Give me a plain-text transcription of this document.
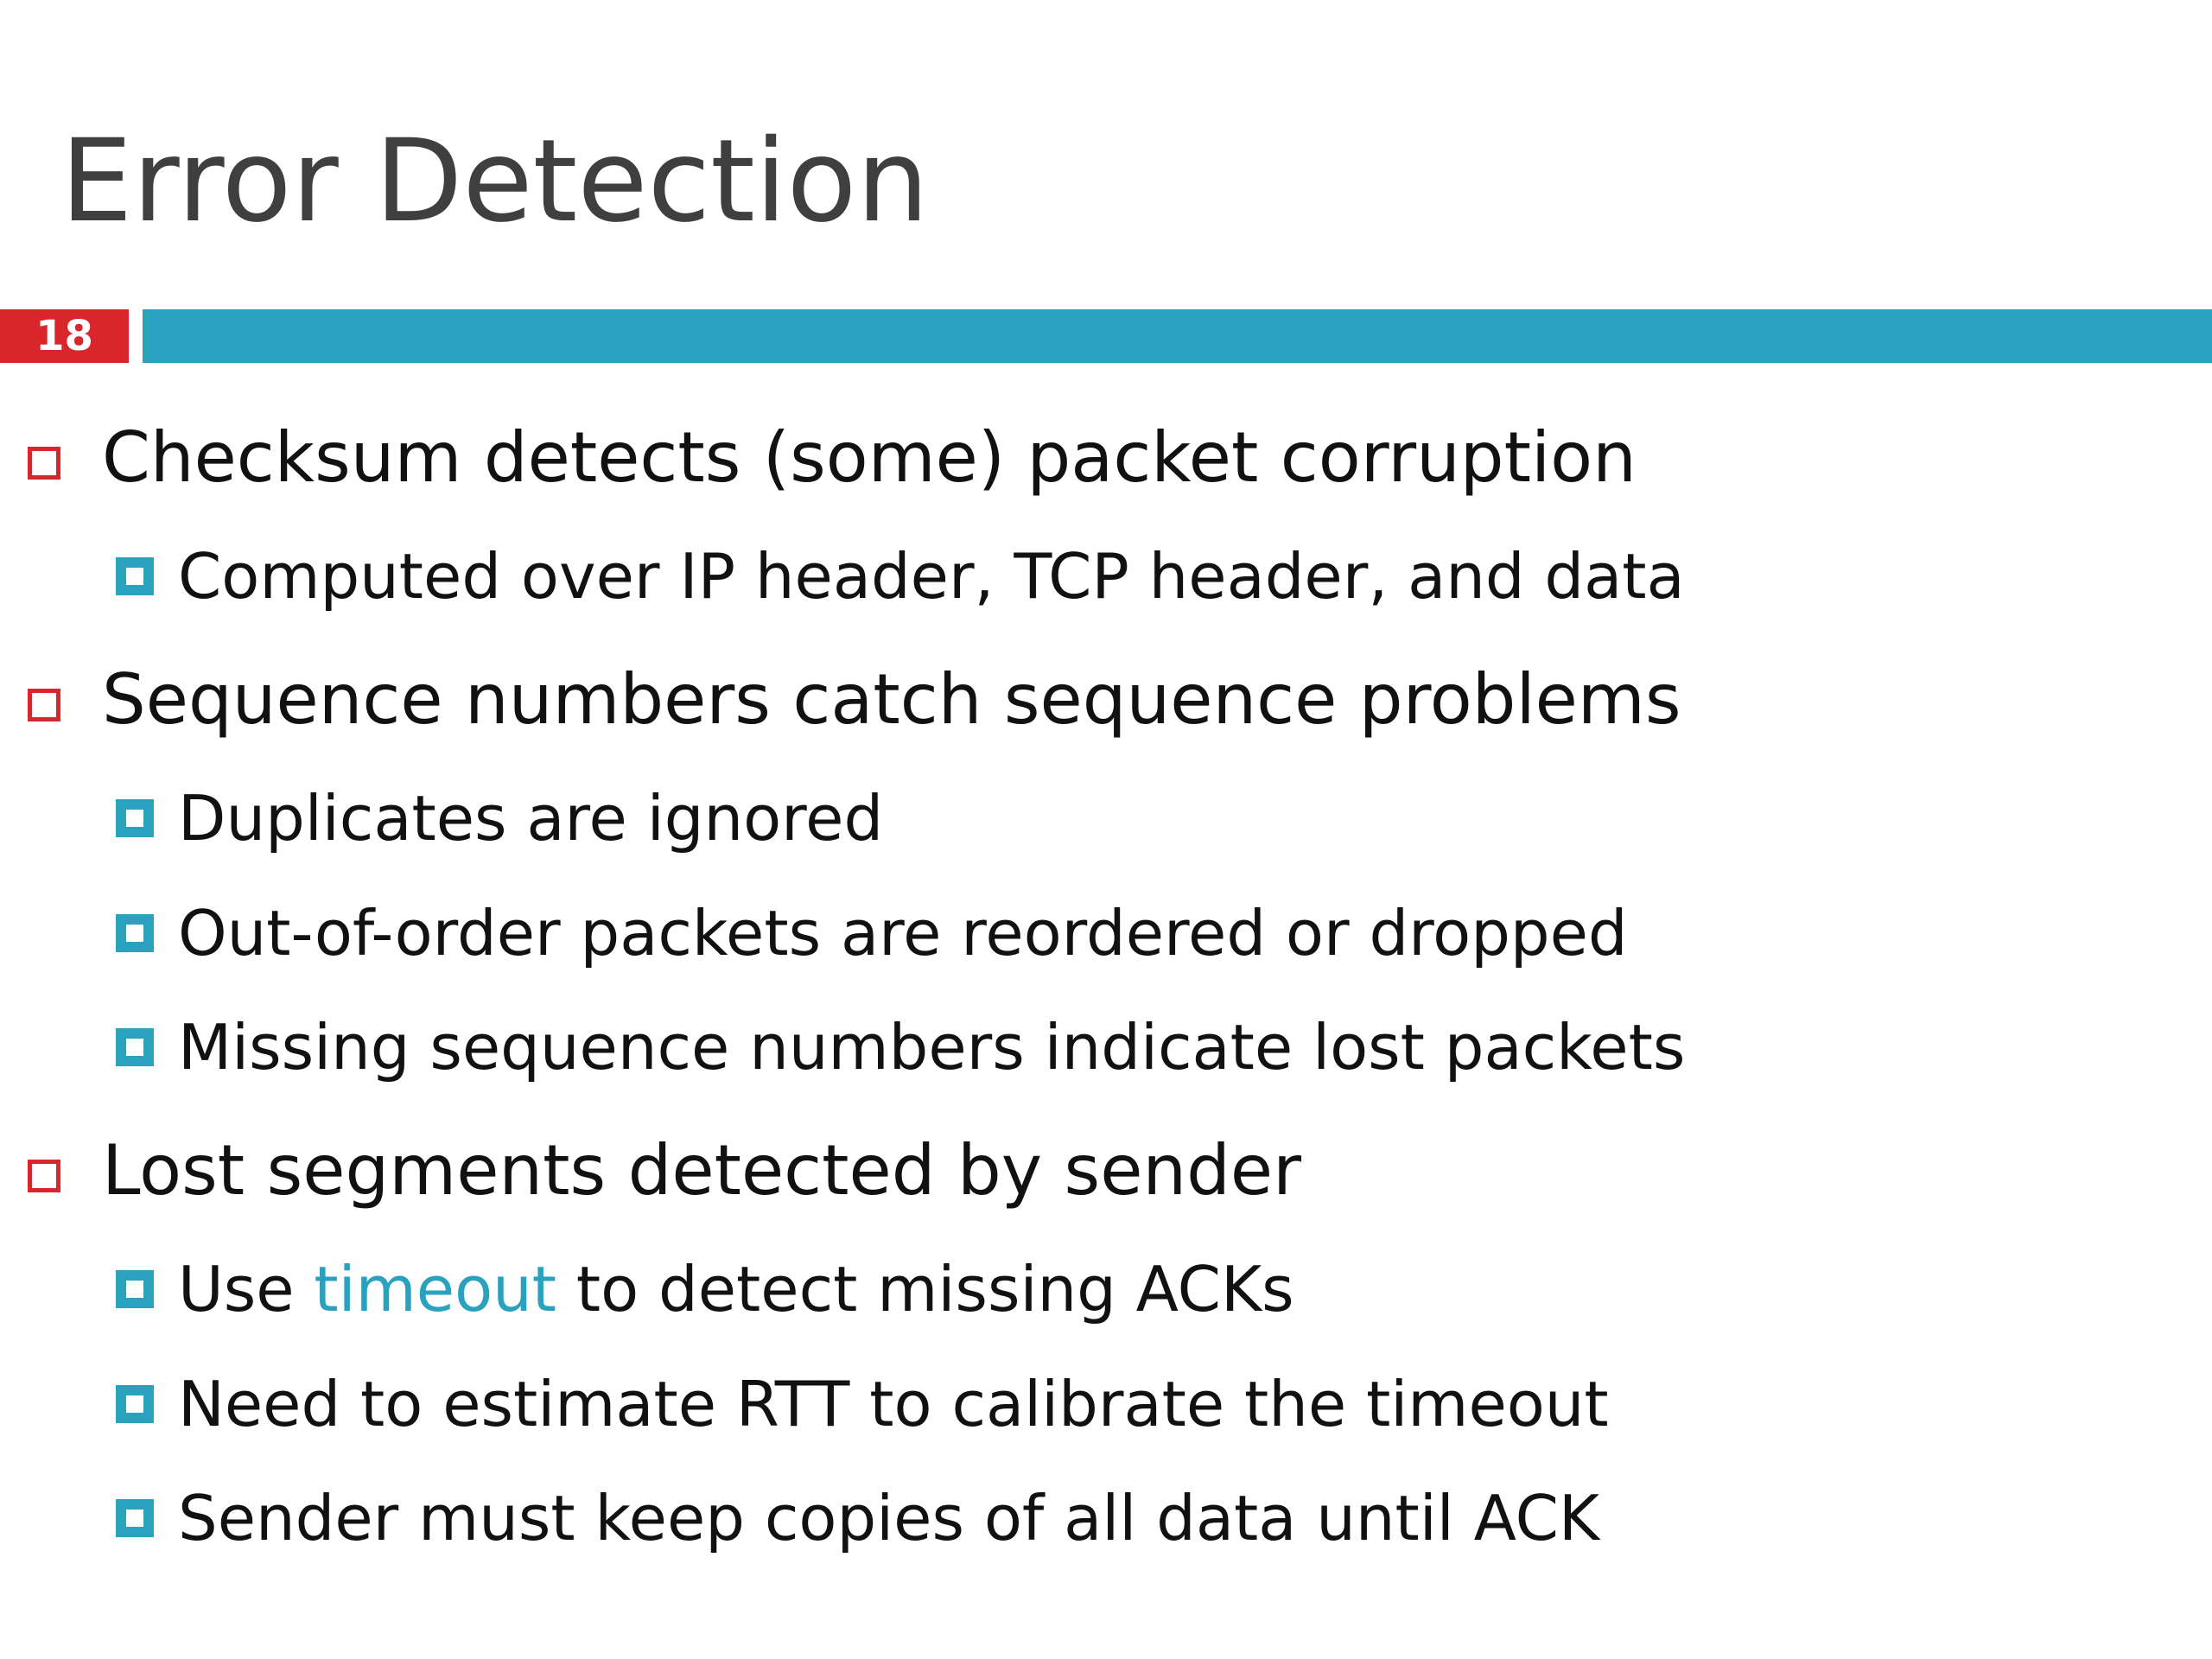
Error Detection
18
Checksum detects (some) packet corruption
Computed over IP header, TCP header, and data
Sequence numbers catch sequence problems
Duplicates are ignored
Out-of-order packets are reordered or dropped
Missing sequence numbers indicate lost packets
Lost segments detected by sender
Use timeout to detect missing ACKs
Need to estimate RTT to calibrate the timeout
Sender must keep copies of all data until ACK
